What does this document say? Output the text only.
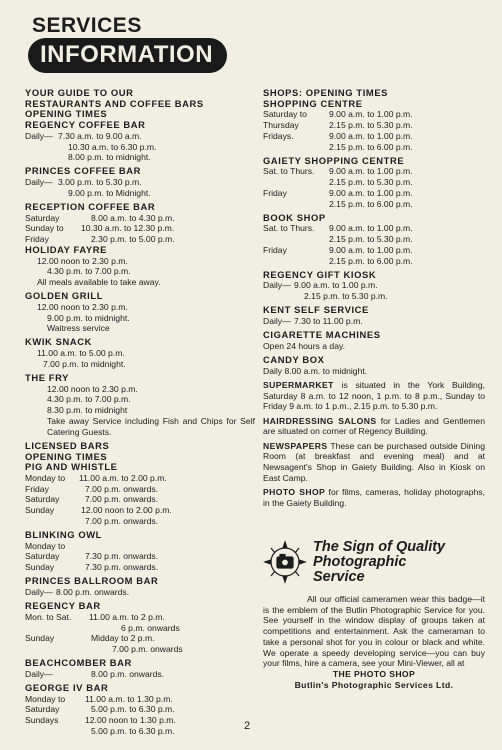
SERVICES
INFORMATION
YOUR GUIDE TO OUR
RESTAURANTS AND COFFEE BARS
OPENING TIMES
REGENCY COFFEE BAR
Daily— 7.30 a.m. to 9.00 a.m.
10.30 a.m. to 6.30 p.m.
8.00 p.m. to midnight.
PRINCES COFFEE BAR
Daily— 3.00 p.m. to 5.30 p.m.
9.00 p.m. to Midnight.
RECEPTION COFFEE BAR
Saturday	8.00 a.m. to 4.30 p.m.
Sunday to	10.30 a.m. to 12.30 p.m.
Friday	2.30 p.m. to 5.00 p.m.
HOLIDAY FAYRE
12.00 noon to 2.30 p.m.
4.30 p.m. to 7.00 p.m.
All meals available to take away.
GOLDEN GRILL
12.00 noon to 2.30 p.m.
9.00 p.m. to midnight.
Waitress service
KWIK SNACK
11.00 a.m. to 5.00 p.m.
7.00 p.m. to midnight.
THE FRY
12.00 noon to 2.30 p.m.
4.30 p.m. to 7.00 p.m.
8.30 p.m. to midnight
Take away Service including Fish and Chips for Self Catering Guests.
LICENSED BARS
OPENING TIMES
PIG AND WHISTLE
Monday to	11.00 a.m. to 2.00 p.m.
Friday	7.00 p.m. onwards.
Saturday	7.00 p.m. onwards.
Sunday	12.00 noon to 2.00 p.m.
7.00 p.m. onwards.
BLINKING OWL
Monday to
Saturday	7.30 p.m. onwards.
Sunday	7.30 p.m. onwards.
PRINCES BALLROOM BAR
Daily— 8.00 p.m. onwards.
REGENCY BAR
Mon. to Sat.	11.00 a.m. to 2 p.m.
6 p.m. onwards
Sunday	Midday to 2 p.m.
7.00 p.m. onwards
BEACHCOMBER BAR
Daily—	8.00 p.m. onwards.
GEORGE IV BAR
Monday to	11.00 a.m. to 1.30 p.m.
Saturday	5.00 p.m. to 6.30 p.m.
Sundays	12.00 noon to 1.30 p.m.
5.00 p.m. to 6.30 p.m.
SHOPS: OPENING TIMES
SHOPPING CENTRE
Saturday to	9.00 a.m. to 1.00 p.m.
Thursday	2.15 p.m. to 5.30 p.m.
Fridays.	9.00 a.m. to 1.00 p.m.
2.15 p.m. to 6.00 p.m.
GAIETY SHOPPING CENTRE
Sat. to Thurs.	9.00 a.m. to 1.00 p.m.
2.15 p.m. to 5.30 p.m.
Friday	9.00 a.m. to 1.00 p.m.
2.15 p.m. to 6.00 p.m.
BOOK SHOP
Sat. to Thurs.	9.00 a.m. to 1.00 p.m.
2.15 p.m. to 5.30 p.m.
Friday	9.00 a.m. to 1.00 p.m.
2.15 p.m. to 6.00 p.m.
REGENCY GIFT KIOSK
Daily— 9.00 a.m. to 1.00 p.m.
2.15 p.m. to 5.30 p.m.
KENT SELF SERVICE
Daily— 7.30 to 11.00 p.m.
CIGARETTE MACHINES
Open 24 hours a day.
CANDY BOX
Daily 8.00 a.m. to midnight.
SUPERMARKET is situated in the York Building, Saturday 8 a.m. to 12 noon, 1 p.m. to 8 p.m., Sunday to Friday 9 a.m. to 1 p.m., 2.15 p.m. to 5.30 p.m.
HAIRDRESSING SALONS for Ladies and Gentlemen are situated on corner of Regency Building.
NEWSPAPERS These can be purchased outside Dining Room (at breakfast and evening meal) and at Newsagent's Shop in Gaiety Building. Also in Kiosk on East Camp.
PHOTO SHOP for films, cameras, holiday photographs, in the Gaiety Building.
The Sign of Quality
Photographic
Service
All our official cameramen wear this badge—it is the emblem of the Butlin Photographic Service for you. See yourself in the window display of groups taken at competitions and entertainment. Ask the cameraman to take a personal shot for you in colour or black and white. We operate a speedy developing service—you can buy your films, hire a camera, see your Mini-Viewer, all at
THE PHOTO SHOP
Butlin's Photographic Services Ltd.
2
